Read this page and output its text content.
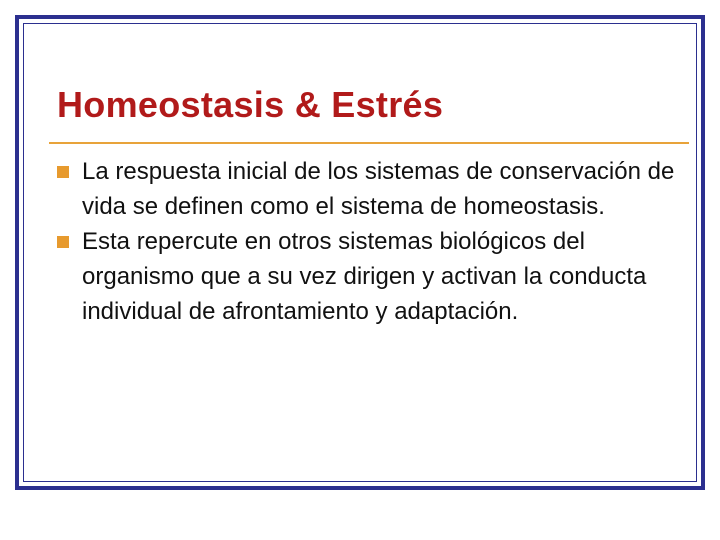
Homeostasis & Estrés
La respuesta inicial de los sistemas de conservación de vida se definen como el sistema de homeostasis.
Esta repercute en otros sistemas biológicos del organismo que a su vez dirigen y activan la conducta individual de afrontamiento y adaptación.
